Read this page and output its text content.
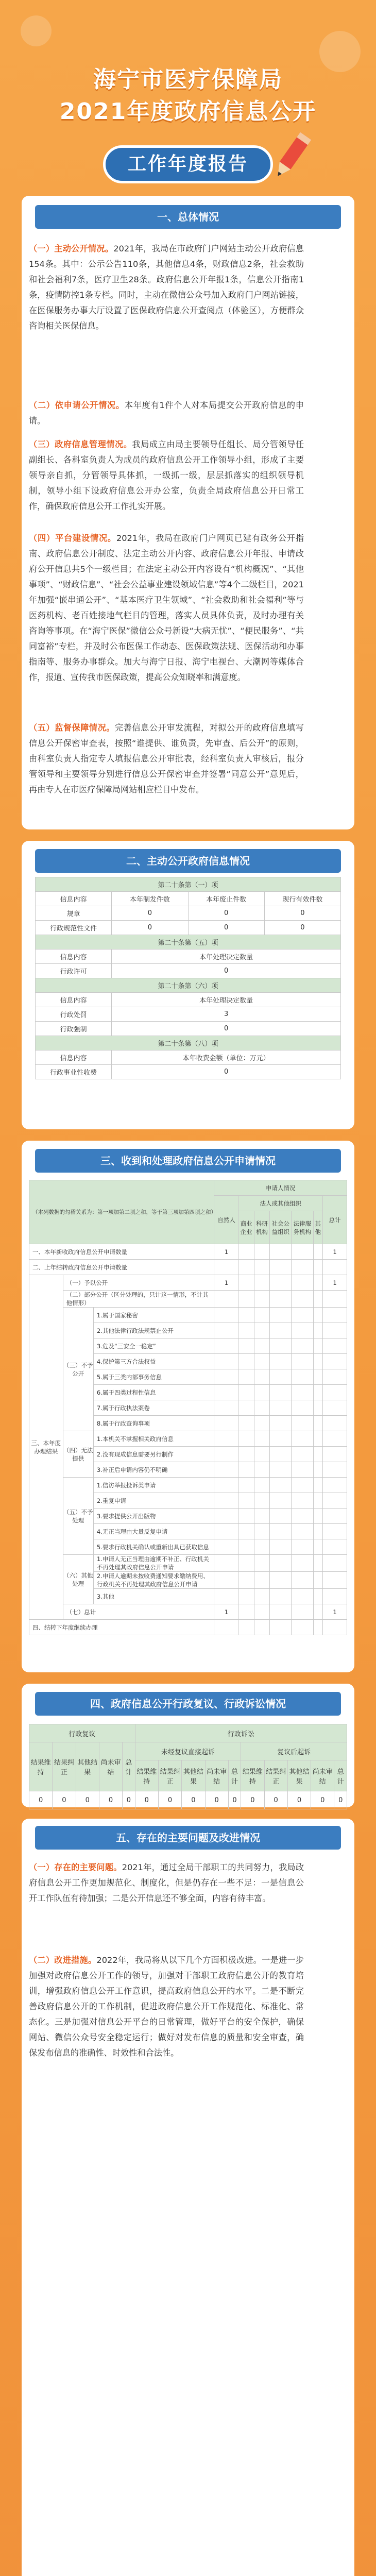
海宁市医疗保障局
2021年度政府信息公开
工作年度报告
一、总体情况
（一）主动公开情况。2021年，我局在市政府门户网站主动公开政府信息154条。其中：公示公告110条，其他信息4条，财政信息2条，社会救助和社会福利7条，医疗卫生28条。政府信息公开年报1条，信息公开指南1条，疫情防控1条专栏。同时，主动在微信公众号加入政府门户网站链接，在医保服务办事大厅设置了医保政府信息公开查阅点（体验区），方便群众咨询相关医保信息。
（二）依申请公开情况。本年度有1件个人对本局提交公开政府信息的申请。
（三）政府信息管理情况。我局成立由局主要领导任组长、局分管领导任副组长、各科室负责人为成员的政府信息公开工作领导小组，形成了主要领导亲自抓，分管领导具体抓，一级抓一级，层层抓落实的组织领导机制，领导小组下设政府信息公开办公室，负责全局政府信息公开日常工作，确保政府信息公开工作扎实开展。
（四）平台建设情况。2021年，我局在政府门户网页已建有政务公开指南、政府信息公开制度、法定主动公开内容、政府信息公开年报、申请政府公开信息共5个一级栏目；在法定主动公开内容设有“机构概况”、“其他事项”、“财政信息”、“社会公益事业建设领域信息”等4个二级栏目，2021年加强“嵌串通公开”、“基本医疗卫生领域”、“社会救助和社会福利”等与医药机构、老百姓接地气栏目的管理，落实人员具体负责，及时办理有关咨询等事项。在“海宁医保”微信公众号新设“大病无忧”、“便民服务”、“共同富裕”专栏，并及时公布医保工作动态、医保政策法规、医保活动和办事指南等、服务办事群众。加大与海宁日报、海宁电视台、大潮网等媒体合作，报道、宣传我市医保政策，提高公众知晓率和满意度。
（五）监督保障情况。完善信息公开审发流程，对拟公开的政府信息填写信息公开保密审查表，按照“谁提供、谁负责，先审查、后公开”的原则，由科室负责人指定专人填报信息公开审批表，经科室负责人审核后，报分管领导和主要领导分别进行信息公开保密审查并签署“同意公开”意见后，再由专人在市医疗保障局网站相应栏目中发布。
二、主动公开政府信息情况
第二十条第（一）项			
信息内容	本年制发件数	本年废止件数	现行有效件数
规章	0	0	0
行政规范性文件	0	0	0
第二十条第（五）项			
信息内容	本年处理决定数量		
行政许可	0		
第二十条第（六）项			
信息内容	本年处理决定数量		
行政处罚	3		
行政强制	0		
第二十条第（八）项			
信息内容	本年收费金额（单位：万元）		
行政事业性收费	0		
三、收到和处理政府信息公开申请情况
（本列数据的勾稽关系为：第一项加第二项之和，等于第三项加第四项之和）			申请人情况						
			自然人	法人或其他组织					总计
				商业企业	科研机构	社会公益组织	法律服务机构	其他	
一、本年新收政府信息公开申请数量			1						1
二、上年结转政府信息公开申请数量									
三、本年度办理结果	（一）予以公开		1						1
	（二）部分公开（区分处理的，只计这一情形，不计其他情形）								
	（三）不予公开	1.属于国家秘密							
		2.其他法律行政法规禁止公开							
		3.危及“三安全一稳定”							
		4.保护第三方合法权益							
		5.属于三类内部事务信息							
		6.属于四类过程性信息							
		7.属于行政执法案卷							
		8.属于行政查询事项							
	（四）无法提供	1.本机关不掌握相关政府信息							
		2.没有现成信息需要另行制作							
		3.补正后申请内容仍不明确							
	（五）不予处理	1.信访举报投诉类申请							
		2.重复申请							
		3.要求提供公开出版物							
		4.无正当理由大量反复申请							
		5.要求行政机关确认或重新出具已获取信息							
	（六）其他处理	1.申请人无正当理由逾期不补正、行政机关不再处理其政府信息公开申请							
		2.申请人逾期未按收费通知要求缴纳费用、行政机关不再处理其政府信息公开申请							
		3.其他							
	（七）总计		1						1
四、结转下年度继续办理									
四、政府信息公开行政复议、行政诉讼情况
行政复议					行政诉讼									
结果维持	结果纠正	其他结果	尚未审结	总计	未经复议直接起诉					复议后起诉				
					结果维持	结果纠正	其他结果	尚未审结	总计	结果维持	结果纠正	其他结果	尚未审结	总计
0	0	0	0	0	0	0	0	0	0	0	0	0	0	0
五、存在的主要问题及改进情况
（一）存在的主要问题。2021年，通过全局干部职工的共同努力，我局政府信息公开工作更加规范化、制度化，但是仍存在一些不足：一是信息公开工作队伍有待加强；二是公开信息还不够全面，内容有待丰富。
（二）改进措施。2022年，我局将从以下几个方面积极改进。一是进一步加强对政府信息公开工作的领导，加强对干部职工政府信息公开的教育培训，增强政府信息公开工作意识，提高政府信息公开的水平。二是不断完善政府信息公开的工作机制，促进政府信息公开工作规范化、标准化、常态化。三是加强对信息公开平台的日常管理，做好平台的安全保护，确保网站、微信公众号安全稳定运行；做好对发布信息的质量和安全审查，确保发布信息的准确性、时效性和合法性。
